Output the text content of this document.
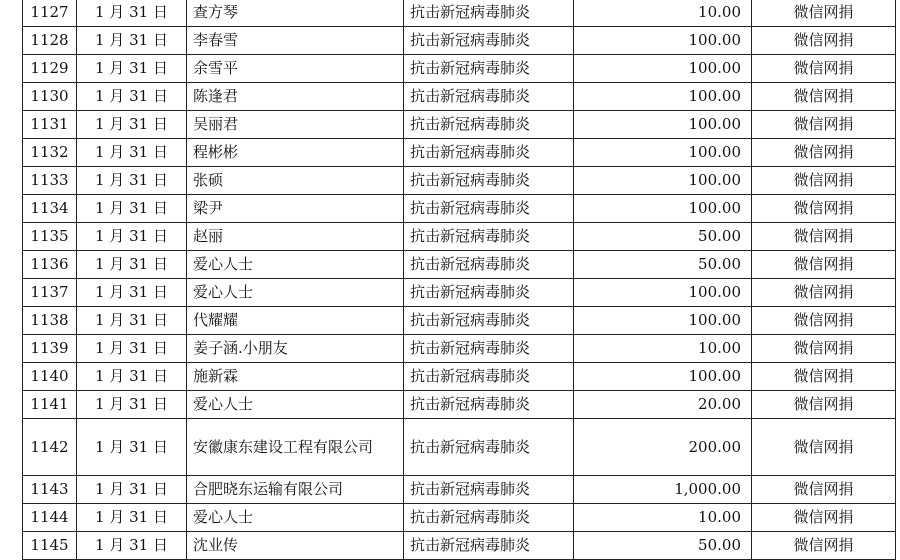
1127	1 月 31 日	查方琴	抗击新冠病毒肺炎	10.00	微信网捐
1128	1 月 31 日	李春雪	抗击新冠病毒肺炎	100.00	微信网捐
1129	1 月 31 日	余雪平	抗击新冠病毒肺炎	100.00	微信网捐
1130	1 月 31 日	陈逢君	抗击新冠病毒肺炎	100.00	微信网捐
1131	1 月 31 日	吴丽君	抗击新冠病毒肺炎	100.00	微信网捐
1132	1 月 31 日	程彬彬	抗击新冠病毒肺炎	100.00	微信网捐
1133	1 月 31 日	张硕	抗击新冠病毒肺炎	100.00	微信网捐
1134	1 月 31 日	梁尹	抗击新冠病毒肺炎	100.00	微信网捐
1135	1 月 31 日	赵丽	抗击新冠病毒肺炎	50.00	微信网捐
1136	1 月 31 日	爱心人士	抗击新冠病毒肺炎	50.00	微信网捐
1137	1 月 31 日	爱心人士	抗击新冠病毒肺炎	100.00	微信网捐
1138	1 月 31 日	代耀耀	抗击新冠病毒肺炎	100.00	微信网捐
1139	1 月 31 日	姜子涵.小朋友	抗击新冠病毒肺炎	10.00	微信网捐
1140	1 月 31 日	施新霖	抗击新冠病毒肺炎	100.00	微信网捐
1141	1 月 31 日	爱心人士	抗击新冠病毒肺炎	20.00	微信网捐
1142	1 月 31 日	安徽康东建设工程有限公司	抗击新冠病毒肺炎	200.00	微信网捐
1143	1 月 31 日	合肥晓东运输有限公司	抗击新冠病毒肺炎	1,000.00	微信网捐
1144	1 月 31 日	爱心人士	抗击新冠病毒肺炎	10.00	微信网捐
1145	1 月 31 日	沈业传	抗击新冠病毒肺炎	50.00	微信网捐
